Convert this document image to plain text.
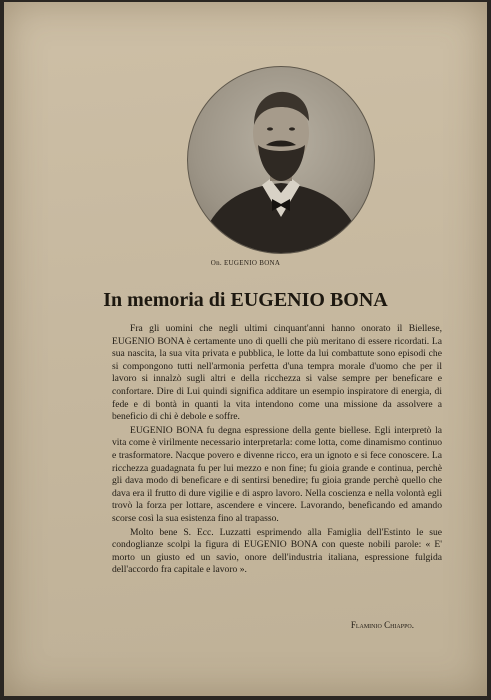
On. EUGENIO BONA
In memoria di EUGENIO BONA

Fra gli uomini che negli ultimi cinquant'anni hanno onorato il Biellese, EUGENIO BONA è certamente uno di quelli che più meritano di essere ricordati. La sua nascita, la sua vita privata e pubblica, le lotte da lui combattute sono episodi che si compongono tutti nell'armonia perfetta d'una tempra morale d'uomo che per il lavoro si innalzò sugli altri e della ricchezza si valse sempre per beneficare e confortare. Dire di Lui quindi significa additare un esempio inspiratore di energia, di fede e di bontà in quanti la vita intendono come una missione da assolvere a beneficio di chi è debole e soffre.

EUGENIO BONA fu degna espressione della gente biellese. Egli interpretò la vita come è virilmente necessario interpretarla: come lotta, come dinamismo continuo e trasformatore. Nacque povero e divenne ricco, era un ignoto e si fece conoscere. La ricchezza guadagnata fu per lui mezzo e non fine; fu gioia grande e continua, perchè gli dava modo di beneficare e di sentirsi benedire; fu gioia grande perchè quello che dava era il frutto di dure vigilie e di aspro lavoro. Nella coscienza e nella volontà egli trovò la forza per lottare, ascendere e vincere. Lavorando, beneficando ed amando scorse così la sua esistenza fino al trapasso.

Molto bene S. Ecc. Luzzatti esprimendo alla Famiglia dell'Estinto le sue condoglianze scolpì la figura di EUGENIO BONA con queste nobili parole: « E' morto un giusto ed un savio, onore dell'industria italiana, espressione fulgida dell'accordo fra capitale e lavoro ».

Flaminio Chiappo.
